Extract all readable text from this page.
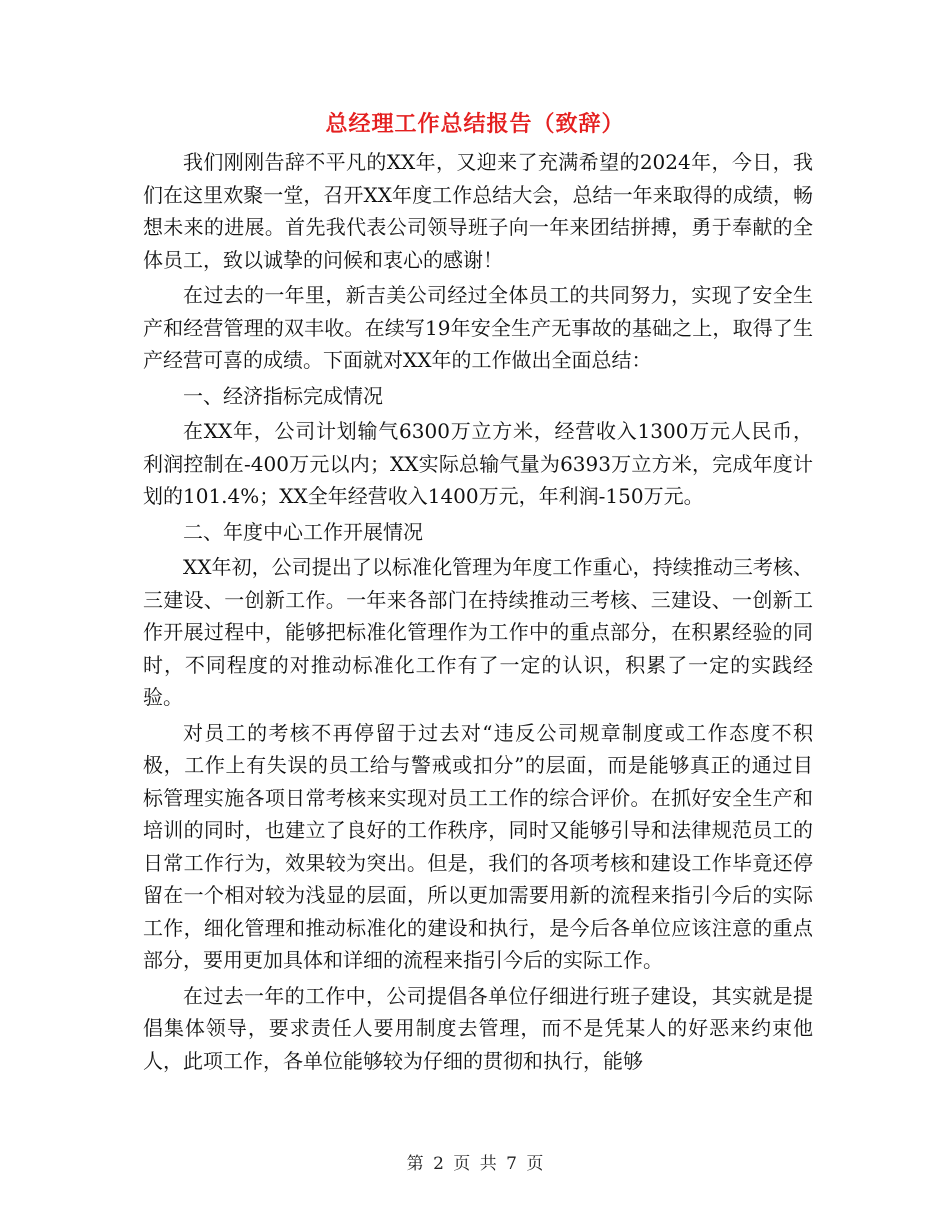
总经理工作总结报告（致辞）

我们刚刚告辞不平凡的XX年，又迎来了充满希望的2024年，今日，我们在这里欢聚一堂，召开XX年度工作总结大会，总结一年来取得的成绩，畅想未来的进展。首先我代表公司领导班子向一年来团结拼搏，勇于奉献的全体员工，致以诚挚的问候和衷心的感谢！

在过去的一年里，新吉美公司经过全体员工的共同努力，实现了安全生产和经营管理的双丰收。在续写19年安全生产无事故的基础之上，取得了生产经营可喜的成绩。下面就对XX年的工作做出全面总结：

一、经济指标完成情况

在XX年，公司计划输气6300万立方米，经营收入1300万元人民币，利润控制在-400万元以内；XX实际总输气量为6393万立方米，完成年度计划的101.4%；XX全年经营收入1400万元，年利润-150万元。

二、年度中心工作开展情况

XX年初，公司提出了以标准化管理为年度工作重心，持续推动三考核、三建设、一创新工作。一年来各部门在持续推动三考核、三建设、一创新工作开展过程中，能够把标准化管理作为工作中的重点部分，在积累经验的同时，不同程度的对推动标准化工作有了一定的认识，积累了一定的实践经验。

对员工的考核不再停留于过去对“违反公司规章制度或工作态度不积极，工作上有失误的员工给与警戒或扣分”的层面，而是能够真正的通过目标管理实施各项日常考核来实现对员工工作的综合评价。在抓好安全生产和培训的同时，也建立了良好的工作秩序，同时又能够引导和法律规范员工的日常工作行为，效果较为突出。但是，我们的各项考核和建设工作毕竟还停留在一个相对较为浅显的层面，所以更加需要用新的流程来指引今后的实际工作，细化管理和推动标准化的建设和执行，是今后各单位应该注意的重点部分，要用更加具体和详细的流程来指引今后的实际工作。

在过去一年的工作中，公司提倡各单位仔细进行班子建设，其实就是提倡集体领导，要求责任人要用制度去管理，而不是凭某人的好恶来约束他人，此项工作，各单位能够较为仔细的贯彻和执行，能够

第 2 页 共 7 页
